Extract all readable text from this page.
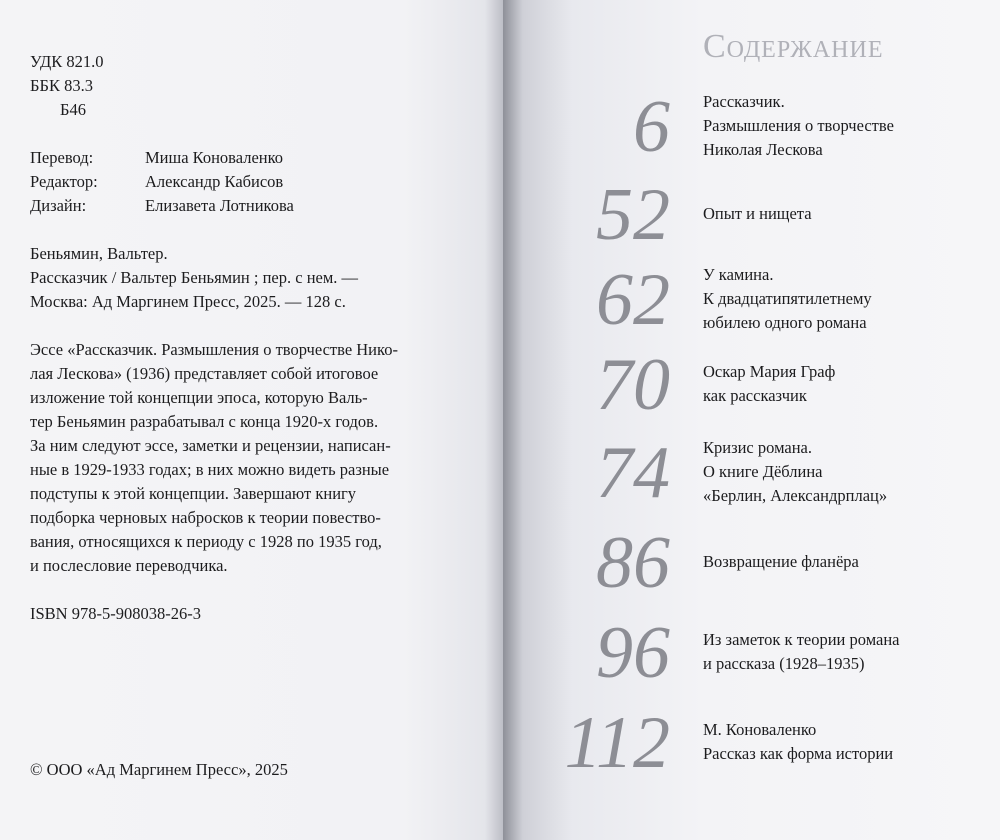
УДК 821.0
ББК 83.3
Б46
Перевод:	Миша Коноваленко
Редактор:	Александр Кабисов
Дизайн:	Елизавета Лотникова
Беньямин, Вальтер.
Рассказчик / Вальтер Беньямин ; пер. с нем. —
Москва: Ад Маргинем Пресс, 2025. — 128 с.
Эссе «Рассказчик. Размышления о творчестве Нико-
лая Лескова» (1936) представляет собой итоговое
изложение той концепции эпоса, которую Валь-
тер Беньямин разрабатывал с конца 1920-х годов.
За ним следуют эссе, заметки и рецензии, написан-
ные в 1929-1933 годах; в них можно видеть разные
подступы к этой концепции. Завершают книгу
подборка черновых набросков к теории повество-
вания, относящихся к периоду с 1928 по 1935 год,
и послесловие переводчика.
ISBN 978-5-908038-26-3
© ООО «Ад Маргинем Пресс», 2025
Содержание
6 Рассказчик.
Размышления о творчестве
Николая Лескова
52 Опыт и нищета
62 У камина.
К двадцатипятилетнему
юбилею одного романа
70 Оскар Мария Граф
как рассказчик
74 Кризис романа.
О книге Дёблина
«Берлин, Александрплац»
86 Возвращение фланёра
96 Из заметок к теории романа
и рассказа (1928–1935)
112 М. Коноваленко
Рассказ как форма истории
